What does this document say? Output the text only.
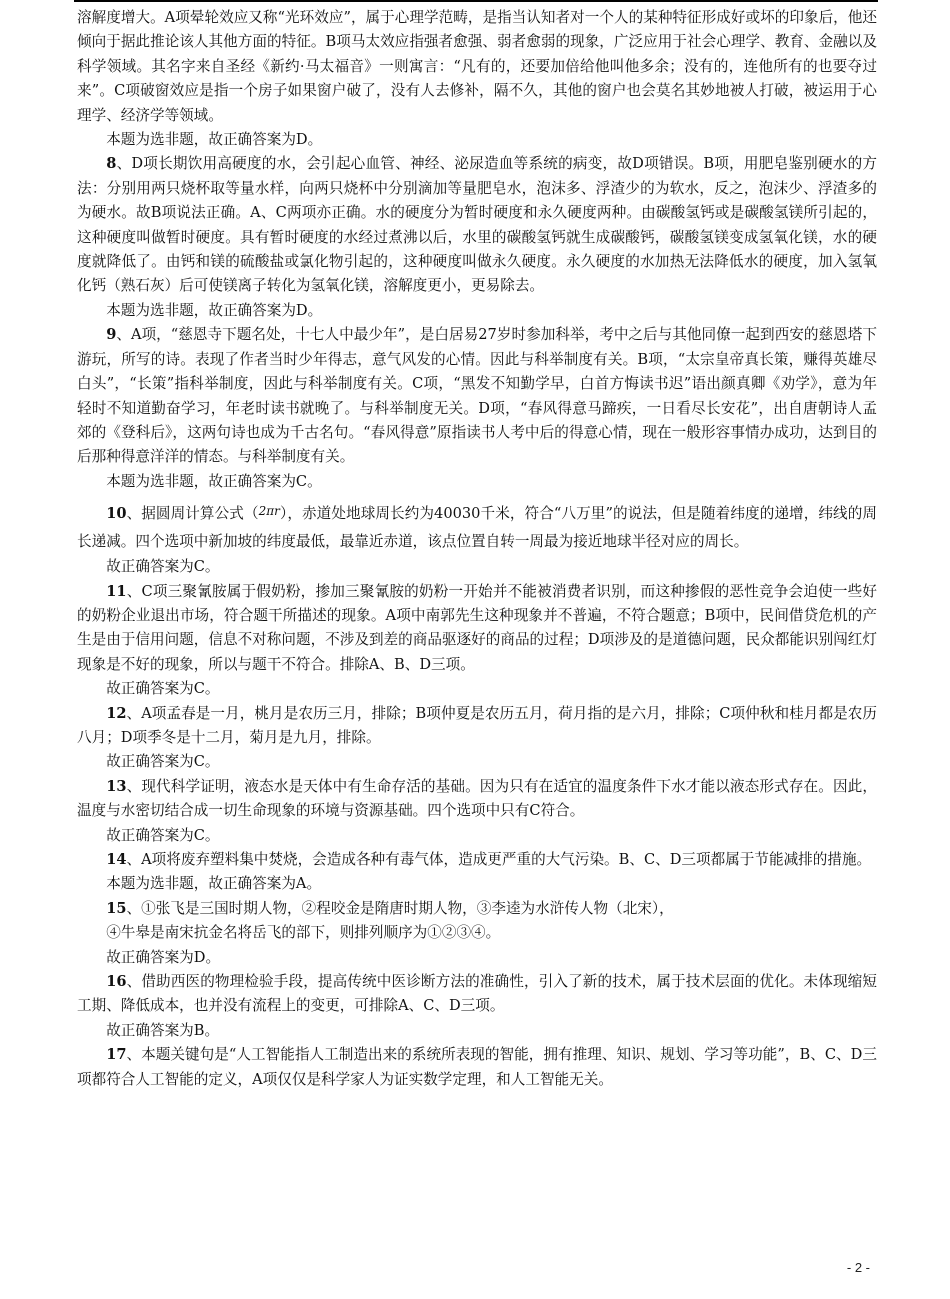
溶解度增大。A项晕轮效应又称“光环效应”，属于心理学范畴，是指当认知者对一个人的某种特征形成好或坏的印象后，他还倾向于据此推论该人其他方面的特征。B项马太效应指强者愈强、弱者愈弱的现象，广泛应用于社会心理学、教育、金融以及科学领域。其名字来自圣经《新约·马太福音》一则寓言：“凡有的，还要加倍给他叫他多余；没有的，连他所有的也要夺过来”。C项破窗效应是指一个房子如果窗户破了，没有人去修补，隔不久，其他的窗户也会莫名其妙地被人打破，被运用于心理学、经济学等领域。

本题为选非题，故正确答案为D。

8、D项长期饮用高硬度的水，会引起心血管、神经、泌尿造血等系统的病变，故D项错误。B项，用肥皂鉴别硬水的方法：分别用两只烧杯取等量水样，向两只烧杯中分别滴加等量肥皂水，泡沫多、浮渣少的为软水，反之，泡沫少、浮渣多的为硬水。故B项说法正确。A、C两项亦正确。水的硬度分为暂时硬度和永久硬度两种。由碳酸氢钙或是碳酸氢镁所引起的，这种硬度叫做暂时硬度。具有暂时硬度的水经过煮沸以后，水里的碳酸氢钙就生成碳酸钙，碳酸氢镁变成氢氧化镁，水的硬度就降低了。由钙和镁的硫酸盐或氯化物引起的，这种硬度叫做永久硬度。永久硬度的水加热无法降低水的硬度，加入氢氧化钙（熟石灰）后可使镁离子转化为氢氧化镁，溶解度更小，更易除去。

本题为选非题，故正确答案为D。

9、A项，“慈恩寺下题名处，十七人中最少年”，是白居易27岁时参加科举，考中之后与其他同僚一起到西安的慈恩塔下游玩，所写的诗。表现了作者当时少年得志，意气风发的心情。因此与科举制度有关。B项，“太宗皇帝真长策，赚得英雄尽白头”，“长策”指科举制度，因此与科举制度有关。C项，“黑发不知勤学早，白首方悔读书迟”语出颜真卿《劝学》，意为年轻时不知道勤奋学习，年老时读书就晚了。与科举制度无关。D项，“春风得意马蹄疾，一日看尽长安花”，出自唐朝诗人孟郊的《登科后》，这两句诗也成为千古名句。“春风得意”原指读书人考中后的得意心情，现在一般形容事情办成功，达到目的后那种得意洋洋的情态。与科举制度有关。

本题为选非题，故正确答案为C。

10、据圆周计算公式（$^{2\pi r}$），赤道处地球周长约为40030千米，符合“八万里”的说法，但是随着纬度的递增，纬线的周长递减。四个选项中新加坡的纬度最低，最靠近赤道，该点位置自转一周最为接近地球半径对应的周长。

故正确答案为C。

11、C项三聚氰胺属于假奶粉，掺加三聚氰胺的奶粉一开始并不能被消费者识别，而这种掺假的恶性竞争会迫使一些好的奶粉企业退出市场，符合题干所描述的现象。A项中南郭先生这种现象并不普遍，不符合题意；B项中，民间借贷危机的产生是由于信用问题，信息不对称问题，不涉及到差的商品驱逐好的商品的过程；D项涉及的是道德问题，民众都能识别闯红灯现象是不好的现象，所以与题干不符合。排除A、B、D三项。

故正确答案为C。

12、A项孟春是一月，桃月是农历三月，排除；B项仲夏是农历五月，荷月指的是六月，排除；C项仲秋和桂月都是农历八月；D项季冬是十二月，菊月是九月，排除。

故正确答案为C。

13、现代科学证明，液态水是天体中有生命存活的基础。因为只有在适宜的温度条件下水才能以液态形式存在。因此，温度与水密切结合成一切生命现象的环境与资源基础。四个选项中只有C符合。

故正确答案为C。

14、A项将废弃塑料集中焚烧，会造成各种有毒气体，造成更严重的大气污染。B、C、D三项都属于节能减排的措施。

本题为选非题，故正确答案为A。

15、①张飞是三国时期人物，②程咬金是隋唐时期人物，③李逵为水浒传人物（北宋），

④牛皋是南宋抗金名将岳飞的部下，则排列顺序为①②③④。

故正确答案为D。

16、借助西医的物理检验手段，提高传统中医诊断方法的准确性，引入了新的技术，属于技术层面的优化。未体现缩短工期、降低成本，也并没有流程上的变更，可排除A、C、D三项。

故正确答案为B。

17、本题关键句是“人工智能指人工制造出来的系统所表现的智能，拥有推理、知识、规划、学习等功能”，B、C、D三项都符合人工智能的定义，A项仅仅是科学家人为证实数学定理，和人工智能无关。

- 2 -
